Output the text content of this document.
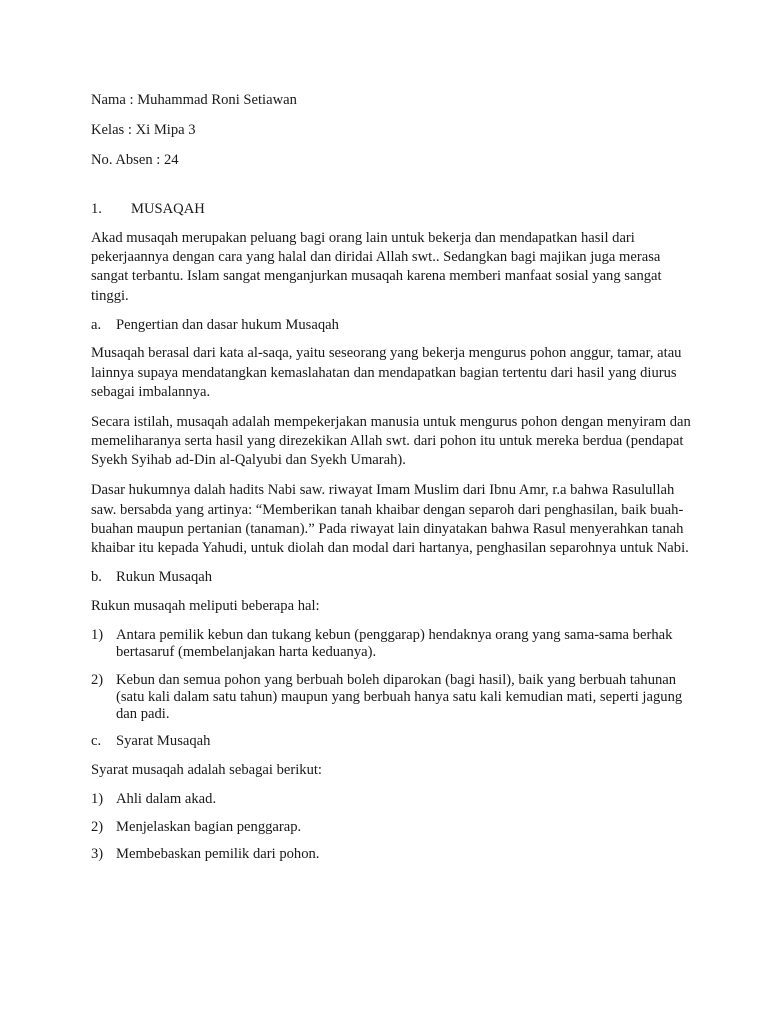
Nama : Muhammad Roni Setiawan

Kelas : Xi Mipa 3

No. Absen : 24

1.	MUSAQAH

Akad musaqah merupakan peluang bagi orang lain untuk bekerja dan mendapatkan hasil dari pekerjaannya dengan cara yang halal dan diridai Allah swt.. Sedangkan bagi majikan juga merasa sangat terbantu. Islam sangat menganjurkan musaqah karena memberi manfaat sosial yang sangat tinggi.

a.	Pengertian dan dasar hukum Musaqah

Musaqah berasal dari kata al-saqa, yaitu seseorang yang bekerja mengurus pohon anggur, tamar, atau lainnya supaya mendatangkan kemaslahatan dan mendapatkan bagian tertentu dari hasil yang diurus sebagai imbalannya.

Secara istilah, musaqah adalah mempekerjakan manusia untuk mengurus pohon dengan menyiram dan memeliharanya serta hasil yang direzekikan Allah swt. dari pohon itu untuk mereka berdua (pendapat Syekh Syihab ad-Din al-Qalyubi dan Syekh Umarah).

Dasar hukumnya dalah hadits Nabi saw. riwayat Imam Muslim dari Ibnu Amr, r.a bahwa Rasulullah saw. bersabda yang artinya: “Memberikan tanah khaibar dengan separoh dari penghasilan, baik buah-buahan maupun pertanian (tanaman).” Pada riwayat lain dinyatakan bahwa Rasul menyerahkan tanah khaibar itu kepada Yahudi, untuk diolah dan modal dari hartanya, penghasilan separohnya untuk Nabi.

b. Rukun Musaqah

Rukun musaqah meliputi beberapa hal:

1) Antara pemilik kebun dan tukang kebun (penggarap) hendaknya orang yang sama-sama berhak bertasaruf (membelanjakan harta keduanya).
2) Kebun dan semua pohon yang berbuah boleh diparokan (bagi hasil), baik yang berbuah tahunan (satu kali dalam satu tahun) maupun yang berbuah hanya satu kali kemudian mati, seperti jagung dan padi.
c.	Syarat Musaqah

Syarat musaqah adalah sebagai berikut:

1) Ahli dalam akad.
2) Menjelaskan bagian penggarap.
3) Membebaskan pemilik dari pohon.
